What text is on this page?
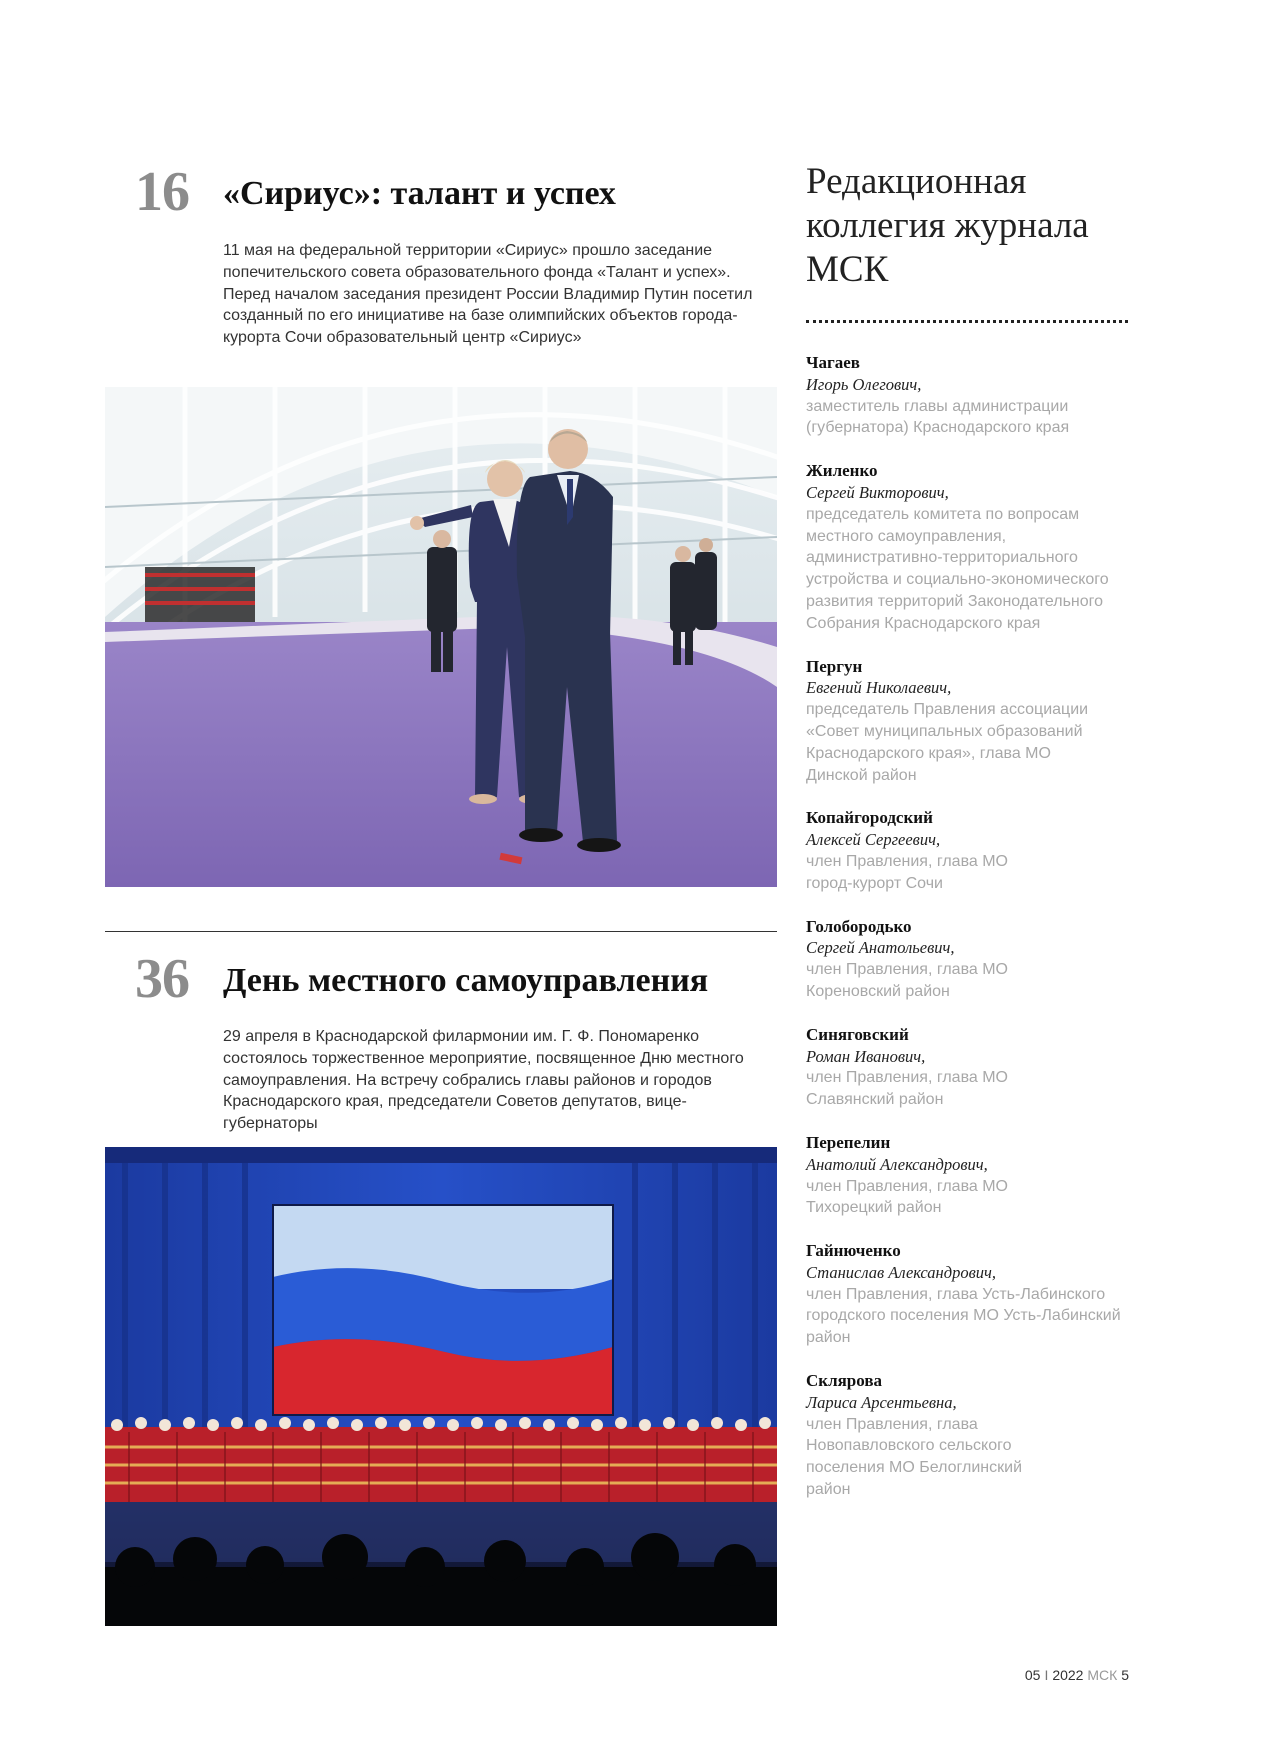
16 «Сириус»: талант и успех

11 мая на федеральной территории «Сириус» прошло заседание попечительского совета образовательного фонда «Талант и успех». Перед началом заседания президент России Владимир Путин посетил созданный по его инициативе на базе олимпийских объектов города-курорта Сочи образовательный центр «Сириус»

36 День местного самоуправления

29 апреля в Краснодарской филармонии им. Г. Ф. Пономаренко состоялось торжественное мероприятие, посвященное Дню местного самоуправления. На встречу собрались главы районов и городов Краснодарского края, председатели Советов депутатов, вице-губернаторы

Редакционная коллегия журнала МСК
Чагаев
Игорь Олегович,
заместитель главы администрации (губернатора) Краснодарского края
Жиленко
Сергей Викторович,
председатель комитета по вопросам местного самоуправления, административно-территориального устройства и социально-экономического развития территорий Законодательного Собрания Краснодарского края
Пергун
Евгений Николаевич,
председатель Правления ассоциации «Совет муниципальных образований Краснодарского края», глава МО Динской район
Копайгородский
Алексей Сергеевич,
член Правления, глава МО город-курорт Сочи
Голобородько
Сергей Анатольевич,
член Правления, глава МО Кореновский район
Синяговский
Роман Иванович,
член Правления, глава МО Славянский район
Перепелин
Анатолий Александрович,
член Правления, глава МО Тихорецкий район
Гайнюченко
Станислав Александрович,
член Правления, глава Усть-Лабинского городского поселения МО Усть-Лабинский район
Склярова
Лариса Арсентьевна,
член Правления, глава Новопавловского сельского поселения МО Белоглинский район
05 I 2022 МСК 5
